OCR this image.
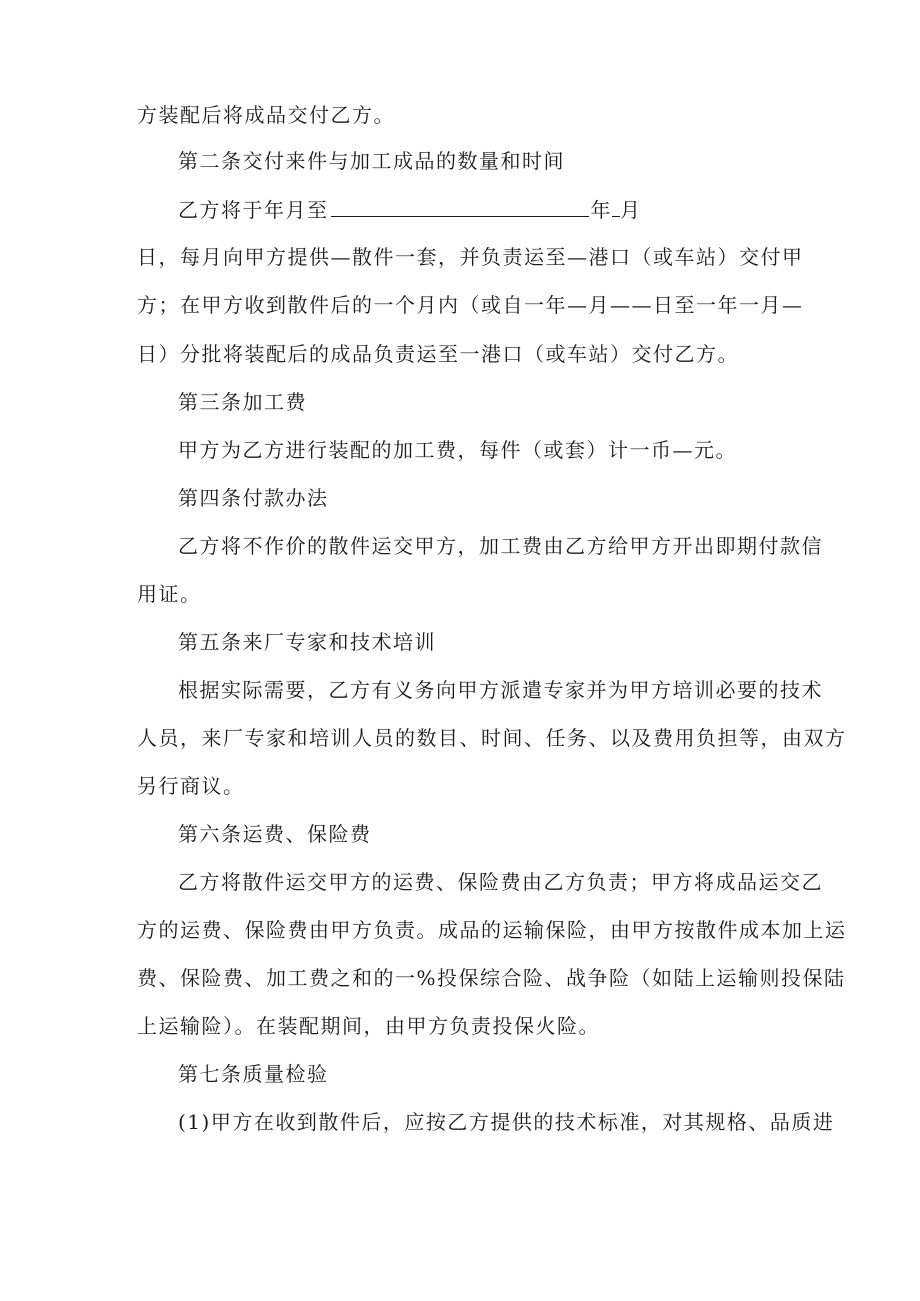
方装配后将成品交付乙方。
第二条交付来件与加工成品的数量和时间
乙方将于年月至	年 月
日，每月向甲方提供—散件一套，并负责运至—港口（或车站）交付甲
方；在甲方收到散件后的一个月内（或自一年—月——日至一年一月—
日）分批将装配后的成品负责运至一港口（或车站）交付乙方。
第三条加工费
甲方为乙方进行装配的加工费，每件（或套）计一币—元。
第四条付款办法
乙方将不作价的散件运交甲方，加工费由乙方给甲方开出即期付款信
用证。
第五条来厂专家和技术培训
根据实际需要，乙方有义务向甲方派遣专家并为甲方培训必要的技术
人员，来厂专家和培训人员的数目、时间、任务、以及费用负担等，由双方
另行商议。
第六条运费、保险费
乙方将散件运交甲方的运费、保险费由乙方负责；甲方将成品运交乙
方的运费、保险费由甲方负责。成品的运输保险，由甲方按散件成本加上运
费、保险费、加工费之和的一%投保综合险、战争险（如陆上运输则投保陆
上运输险）。在装配期间，由甲方负责投保火险。
第七条质量检验
(1)甲方在收到散件后，应按乙方提供的技术标准，对其规格、品质进
